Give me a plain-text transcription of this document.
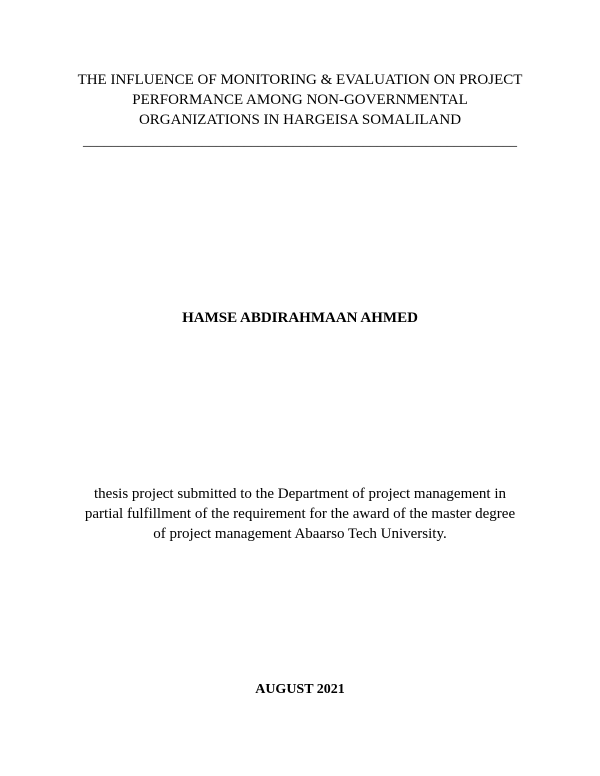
THE INFLUENCE OF MONITORING & EVALUATION ON PROJECT
PERFORMANCE AMONG NON-GOVERNMENTAL
ORGANIZATIONS IN HARGEISA SOMALILAND
______________________________________________________________
HAMSE ABDIRAHMAAN AHMED
thesis project submitted to the Department of project management in
partial fulfillment of the requirement for the award of the master degree
of project management Abaarso Tech University.
AUGUST 2021
